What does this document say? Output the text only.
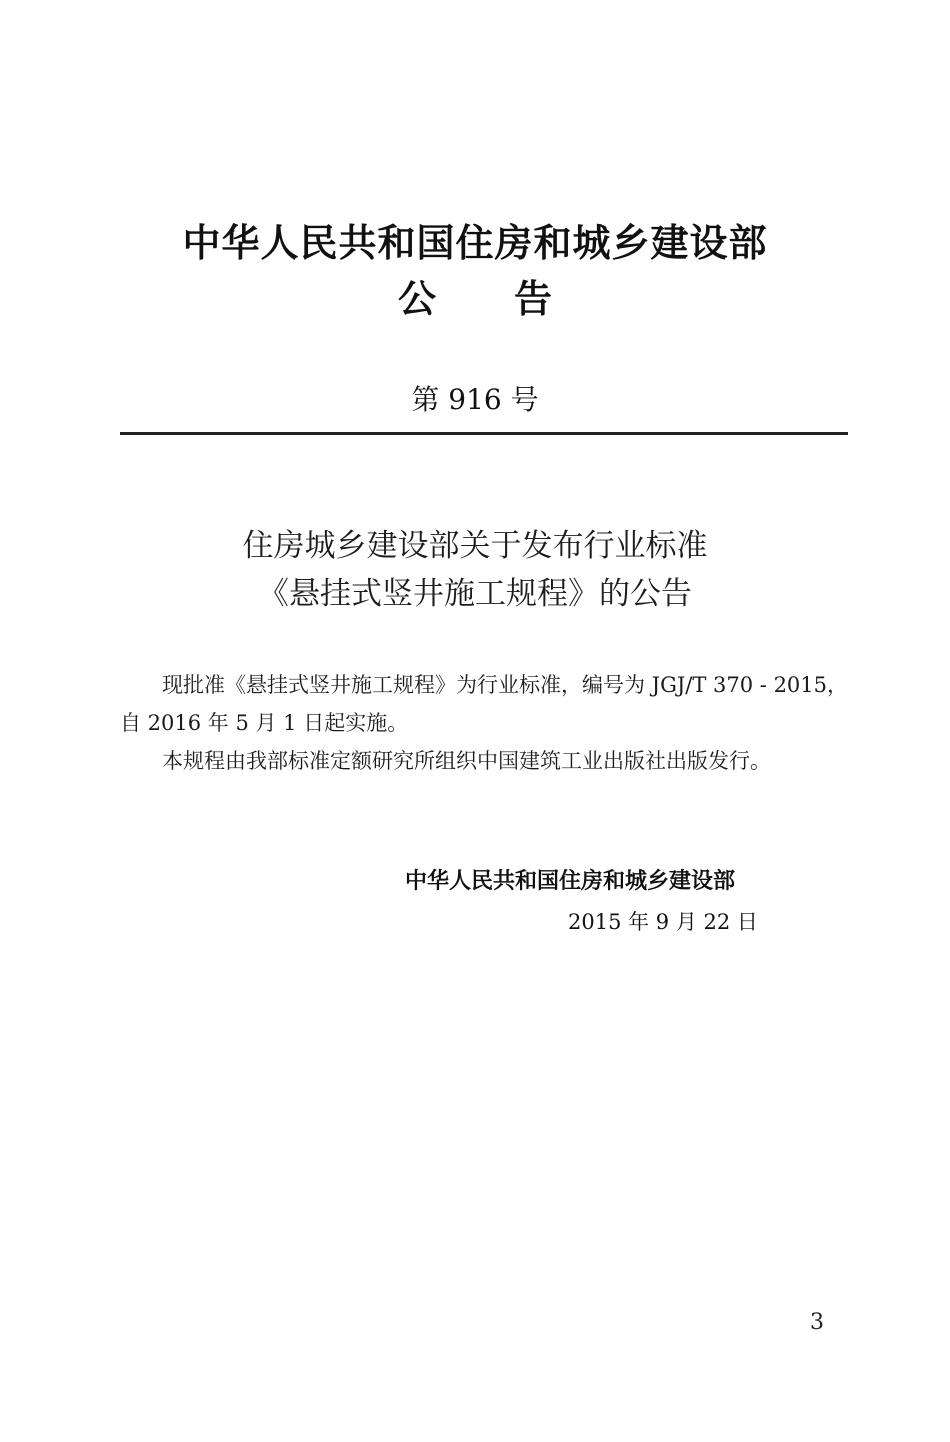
中华人民共和国住房和城乡建设部
公告
第 916 号
住房城乡建设部关于发布行业标准
《悬挂式竖井施工规程》的公告

现批准《悬挂式竖井施工规程》为行业标准，编号为 JGJ/T 370 - 2015，自 2016 年 5 月 1 日起实施。

本规程由我部标准定额研究所组织中国建筑工业出版社出版发行。

中华人民共和国住房和城乡建设部
2015 年 9 月 22 日
3
